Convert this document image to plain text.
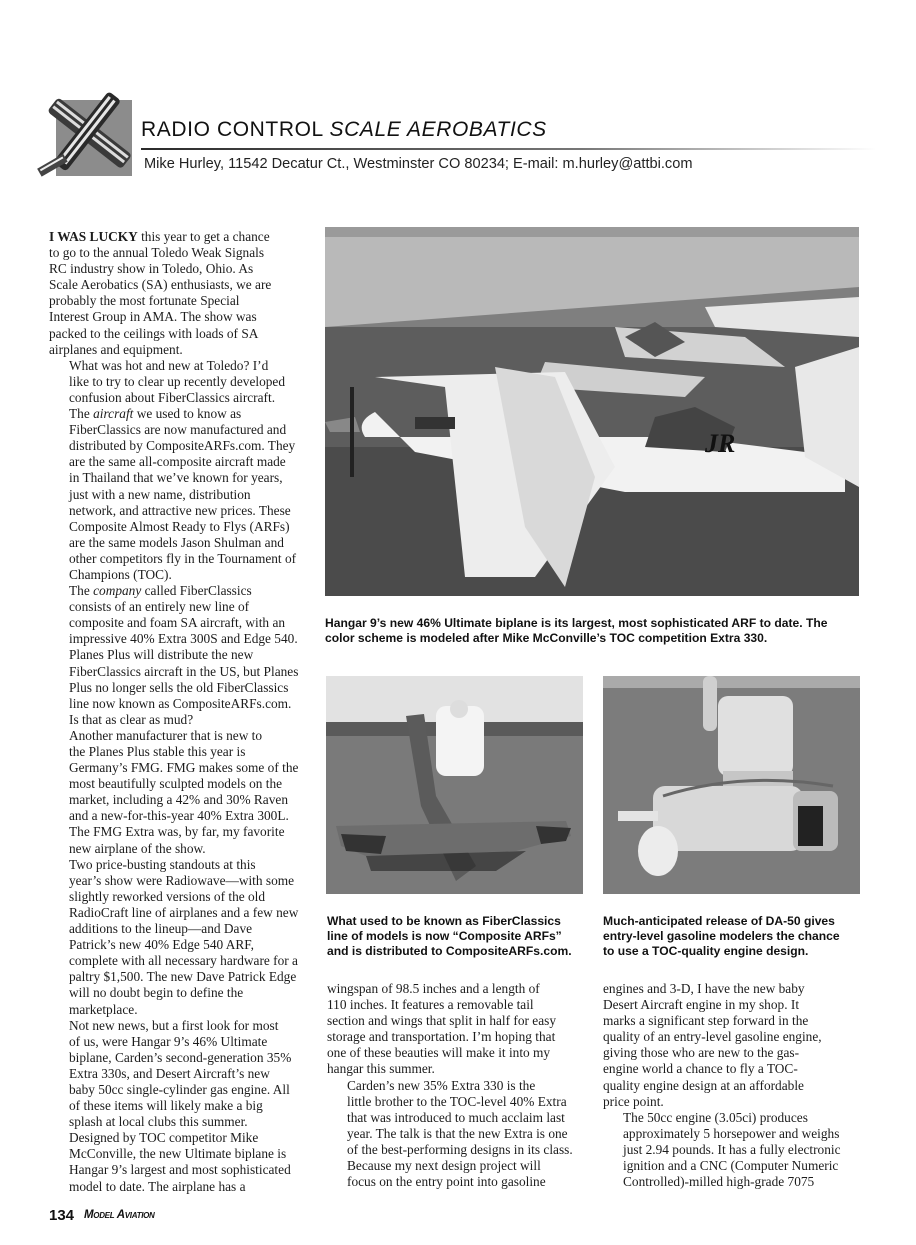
RADIO CONTROL SCALE AEROBATICS
Mike Hurley, 11542 Decatur Ct., Westminster CO 80234; E-mail: m.hurley@attbi.com

I WAS LUCKY this year to get a chance
to go to the annual Toledo Weak Signals
RC industry show in Toledo, Ohio. As
Scale Aerobatics (SA) enthusiasts, we are
probably the most fortunate Special
Interest Group in AMA. The show was
packed to the ceilings with loads of SA
airplanes and equipment.

What was hot and new at Toledo? I’d
like to try to clear up recently developed
confusion about FiberClassics aircraft.

The aircraft we used to know as
FiberClassics are now manufactured and
distributed by CompositeARFs.com. They
are the same all-composite aircraft made
in Thailand that we’ve known for years,
just with a new name, distribution
network, and attractive new prices. These
Composite Almost Ready to Flys (ARFs)
are the same models Jason Shulman and
other competitors fly in the Tournament of
Champions (TOC).

The company called FiberClassics
consists of an entirely new line of
composite and foam SA aircraft, with an
impressive 40% Extra 300S and Edge 540.
Planes Plus will distribute the new
FiberClassics aircraft in the US, but Planes
Plus no longer sells the old FiberClassics
line now known as CompositeARFs.com.
Is that as clear as mud?

Another manufacturer that is new to
the Planes Plus stable this year is
Germany’s FMG. FMG makes some of the
most beautifully sculpted models on the
market, including a 42% and 30% Raven
and a new-for-this-year 40% Extra 300L.
The FMG Extra was, by far, my favorite
new airplane of the show.

Two price-busting standouts at this
year’s show were Radiowave—with some
slightly reworked versions of the old
RadioCraft line of airplanes and a few new
additions to the lineup—and Dave
Patrick’s new 40% Edge 540 ARF,
complete with all necessary hardware for a
paltry $1,500. The new Dave Patrick Edge
will no doubt begin to define the
marketplace.

Not new news, but a first look for most
of us, were Hangar 9’s 46% Ultimate
biplane, Carden’s second-generation 35%
Extra 330s, and Desert Aircraft’s new
baby 50cc single-cylinder gas engine. All
of these items will likely make a big
splash at local clubs this summer.

Designed by TOC competitor Mike
McConville, the new Ultimate biplane is
Hangar 9’s largest and most sophisticated
model to date. The airplane has a

JR
Hangar 9’s new 46% Ultimate biplane is its largest, most sophisticated ARF to date. The
color scheme is modeled after Mike McConville’s TOC competition Extra 330.
What used to be known as FiberClassics
line of models is now “Composite ARFs”
and is distributed to CompositeARFs.com.
Much-anticipated release of DA-50 gives
entry-level gasoline modelers the chance
to use a TOC-quality engine design.

wingspan of 98.5 inches and a length of
110 inches. It features a removable tail
section and wings that split in half for easy
storage and transportation. I’m hoping that
one of these beauties will make it into my
hangar this summer.

Carden’s new 35% Extra 330 is the
little brother to the TOC-level 40% Extra
that was introduced to much acclaim last
year. The talk is that the new Extra is one
of the best-performing designs in its class.

Because my next design project will
focus on the entry point into gasoline

engines and 3-D, I have the new baby
Desert Aircraft engine in my shop. It
marks a significant step forward in the
quality of an entry-level gasoline engine,
giving those who are new to the gas-
engine world a chance to fly a TOC-
quality engine design at an affordable
price point.

The 50cc engine (3.05ci) produces
approximately 5 horsepower and weighs
just 2.94 pounds. It has a fully electronic
ignition and a CNC (Computer Numeric
Controlled)-milled high-grade 7075

134 Model Aviation
